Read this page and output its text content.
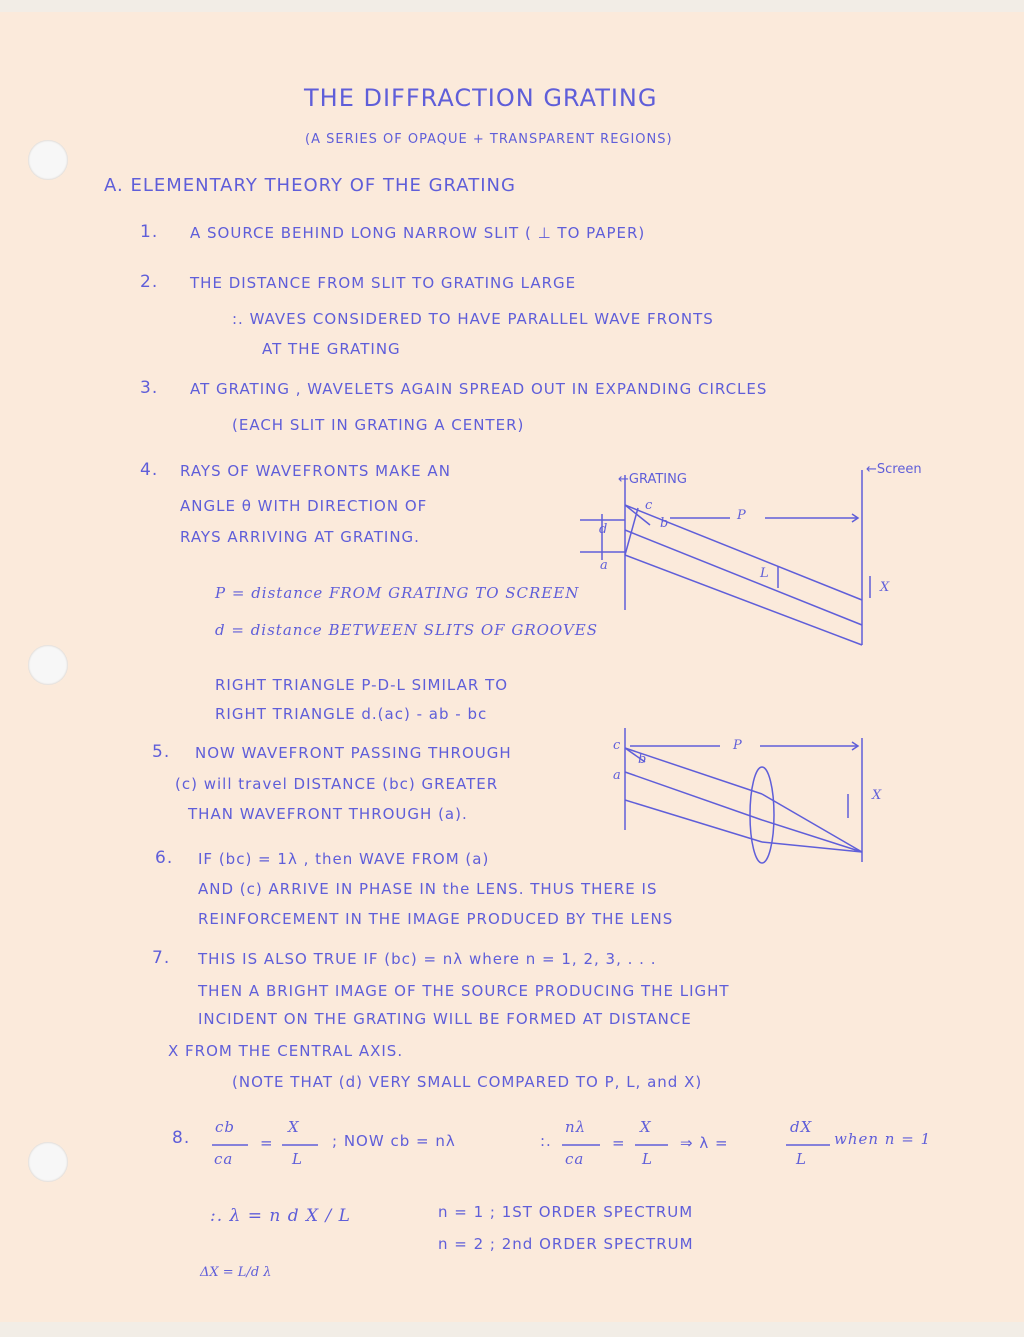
THE DIFFRACTION GRATING
(A SERIES OF OPAQUE + TRANSPARENT REGIONS)
A. ELEMENTARY THEORY OF THE GRATING
1. A SOURCE BEHIND LONG NARROW SLIT ( ⊥ TO PAPER)
2. THE DISTANCE FROM SLIT TO GRATING LARGE
:. WAVES CONSIDERED TO HAVE PARALLEL WAVE FRONTS
AT THE GRATING
3. AT GRATING , WAVELETS AGAIN SPREAD OUT IN EXPANDING CIRCLES
(EACH SLIT IN GRATING A CENTER)
4. RAYS OF WAVEFRONTS MAKE AN
ANGLE θ WITH DIRECTION OF
RAYS ARRIVING AT GRATING.
P = distance FROM GRATING TO SCREEN
d = distance BETWEEN SLITS OF GROOVES
RIGHT TRIANGLE P-D-L SIMILAR TO
RIGHT TRIANGLE d.(ac) - ab - bc
5. NOW WAVEFRONT PASSING THROUGH
(c) will travel DISTANCE (bc) GREATER
THAN WAVEFRONT THROUGH (a).
6. IF (bc) = 1λ , then WAVE FROM (a)
AND (c) ARRIVE IN PHASE IN the LENS. THUS THERE IS
REINFORCEMENT IN THE IMAGE PRODUCED BY THE LENS
7. THIS IS ALSO TRUE IF (bc) = nλ where n = 1, 2, 3, . . .
THEN A BRIGHT IMAGE OF THE SOURCE PRODUCING THE LIGHT
INCIDENT ON THE GRATING WILL BE FORMED AT DISTANCE
X FROM THE CENTRAL AXIS.
(NOTE THAT (d) VERY SMALL COMPARED TO P, L, and X)
8.
cb
ca
=
X
L
; NOW cb = nλ	:.
nλ
ca
=
X
L
⇒ λ =
dX
L
when n = 1
:. λ = n d X / L	n = 1 ; 1ST ORDER SPECTRUM
n = 2 ; 2nd ORDER SPECTRUM
ΔX = L/d λ
←GRATING
←Screen
c
b
P
d
a
L
X
c
a
b
P
X
